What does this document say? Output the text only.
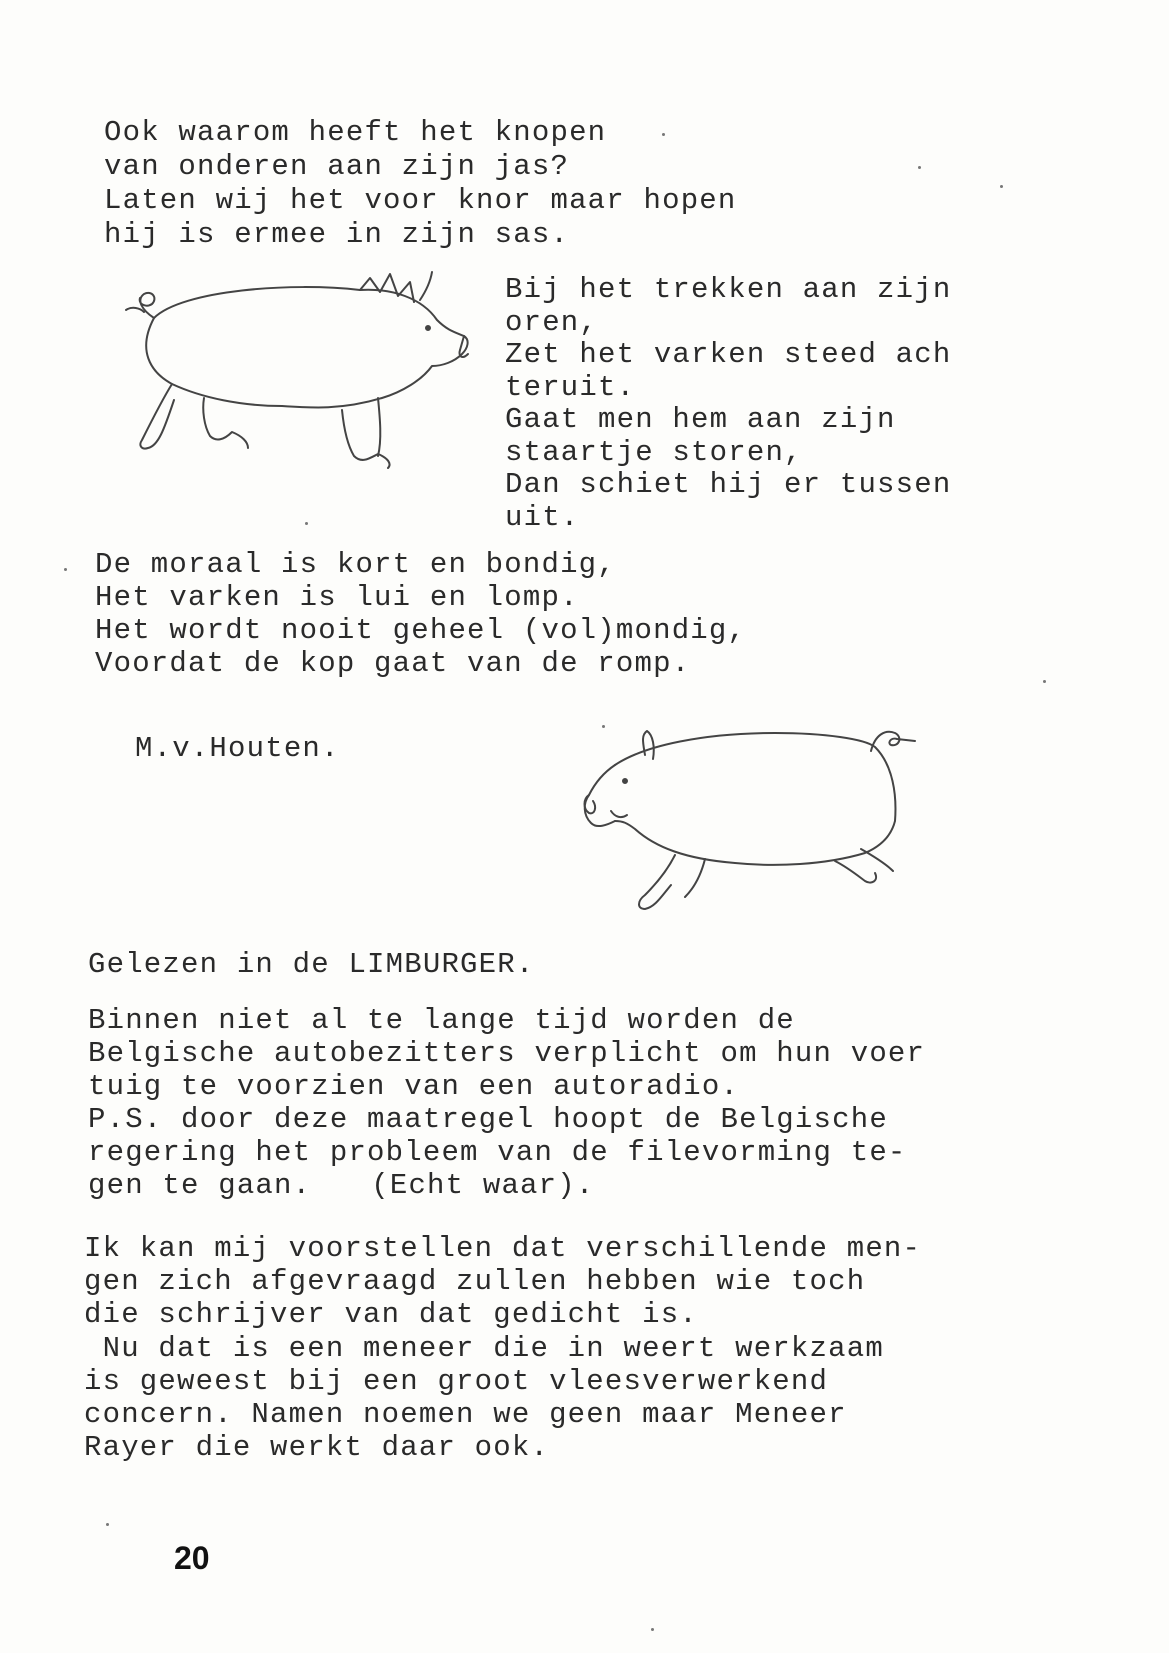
Ook waarom heeft het knopen
van onderen aan zijn jas?
Laten wij het voor knor maar hopen
hij is ermee in zijn sas.
Bij het trekken aan zijn
oren,
Zet het varken steed ach
teruit.
Gaat men hem aan zijn
staartje storen,
Dan schiet hij er tussen
uit.
De moraal is kort en bondig,
Het varken is lui en lomp.
Het wordt nooit geheel (vol)mondig,
Voordat de kop gaat van de romp.
M.v.Houten.
Gelezen in de LIMBURGER.
Binnen niet al te lange tijd worden de
Belgische autobezitters verplicht om hun voer
tuig te voorzien van een autoradio.
P.S. door deze maatregel hoopt de Belgische
regering het probleem van de filevorming te-
gen te gaan. (Echt waar).
Ik kan mij voorstellen dat verschillende men-
gen zich afgevraagd zullen hebben wie toch
die schrijver van dat gedicht is.
Nu dat is een meneer die in weert werkzaam
is geweest bij een groot vleesverwerkend
concern. Namen noemen we geen maar Meneer
Rayer die werkt daar ook.
20
